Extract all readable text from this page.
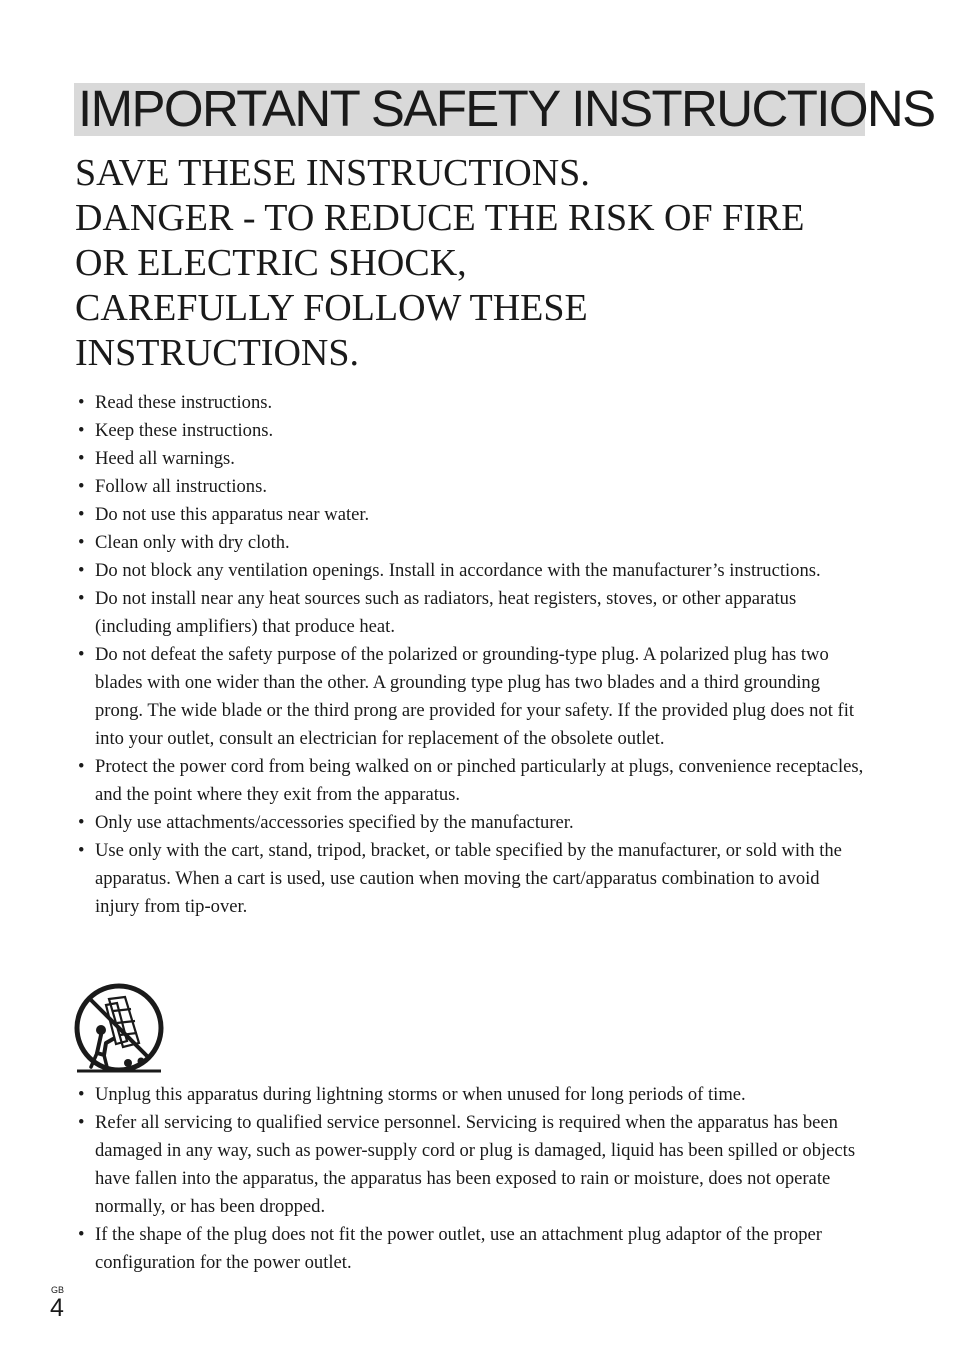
IMPORTANT SAFETY INSTRUCTIONS
SAVE THESE INSTRUCTIONS.
DANGER - TO REDUCE THE RISK OF FIRE
OR ELECTRIC SHOCK,
CAREFULLY FOLLOW THESE
INSTRUCTIONS.
• Read these instructions.
• Keep these instructions.
• Heed all warnings.
• Follow all instructions.
• Do not use this apparatus near water.
• Clean only with dry cloth.
• Do not block any ventilation openings. Install in accordance with the manufacturer’s instructions.
• Do not install near any heat sources such as radiators, heat registers, stoves, or other apparatus (including amplifiers) that produce heat.
• Do not defeat the safety purpose of the polarized or grounding-type plug. A polarized plug has two blades with one wider than the other. A grounding type plug has two blades and a third grounding prong. The wide blade or the third prong are provided for your safety. If the provided plug does not fit into your outlet, consult an electrician for replacement of the obsolete outlet.
• Protect the power cord from being walked on or pinched particularly at plugs, convenience receptacles, and the point where they exit from the apparatus.
• Only use attachments/accessories specified by the manufacturer.
• Use only with the cart, stand, tripod, bracket, or table specified by the manufacturer, or sold with the apparatus. When a cart is used, use caution when moving the cart/apparatus combination to avoid injury from tip-over.
• Unplug this apparatus during lightning storms or when unused for long periods of time.
• Refer all servicing to qualified service personnel. Servicing is required when the apparatus has been damaged in any way, such as power-supply cord or plug is damaged, liquid has been spilled or objects have fallen into the apparatus, the apparatus has been exposed to rain or moisture, does not operate normally, or has been dropped.
• If the shape of the plug does not fit the power outlet, use an attachment plug adaptor of the proper configuration for the power outlet.
GB
4
